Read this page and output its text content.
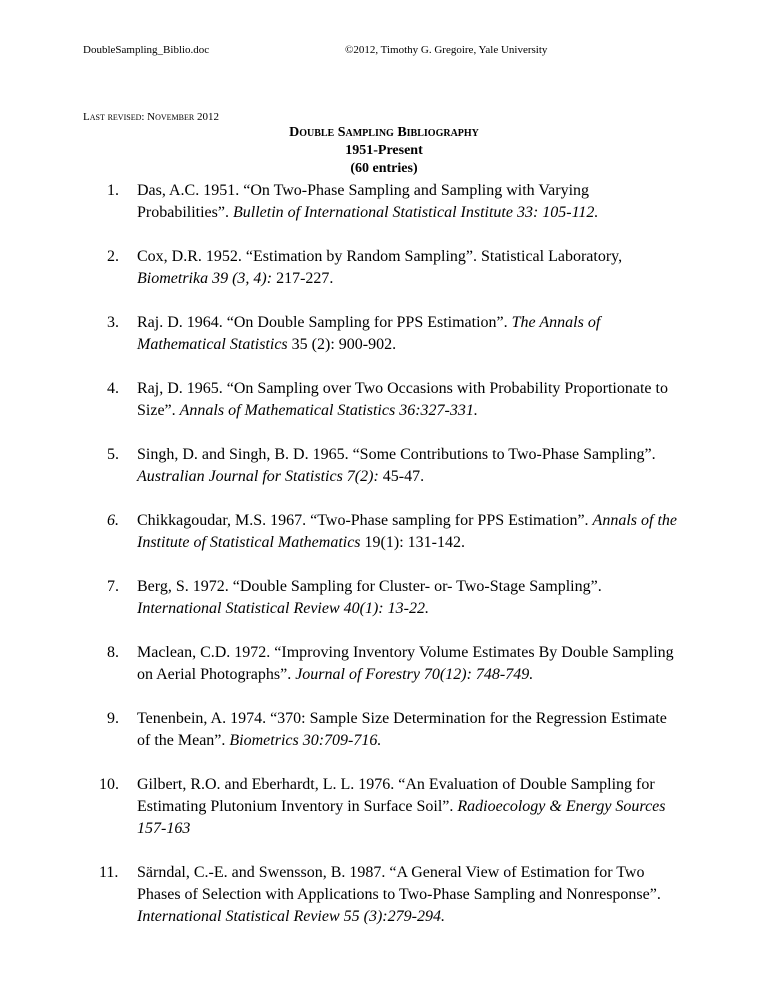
DoubleSampling_Biblio.doc	©2012, Timothy G. Gregoire, Yale University
Last revised: November 2012
Double Sampling Bibliography
1951-Present
(60 entries)
1. Das, A.C. 1951. “On Two-Phase Sampling and Sampling with Varying Probabilities”. Bulletin of International Statistical Institute 33: 105-112.
2. Cox, D.R. 1952. “Estimation by Random Sampling”. Statistical Laboratory, Biometrika 39 (3, 4): 217-227.
3. Raj. D. 1964. “On Double Sampling for PPS Estimation”. The Annals of Mathematical Statistics 35 (2): 900-902.
4. Raj, D. 1965. “On Sampling over Two Occasions with Probability Proportionate to Size”. Annals of Mathematical Statistics 36:327-331.
5. Singh, D. and Singh, B. D. 1965. “Some Contributions to Two-Phase Sampling”. Australian Journal for Statistics 7(2): 45-47.
6. Chikkagoudar, M.S. 1967. “Two-Phase sampling for PPS Estimation”. Annals of the Institute of Statistical Mathematics 19(1): 131-142.
7. Berg, S. 1972. “Double Sampling for Cluster- or- Two-Stage Sampling”. International Statistical Review 40(1): 13-22.
8. Maclean, C.D. 1972. “Improving Inventory Volume Estimates By Double Sampling on Aerial Photographs”. Journal of Forestry 70(12): 748-749.
9. Tenenbein, A. 1974. “370: Sample Size Determination for the Regression Estimate of the Mean”. Biometrics 30:709-716.
10. Gilbert, R.O. and Eberhardt, L. L. 1976. “An Evaluation of Double Sampling for Estimating Plutonium Inventory in Surface Soil”. Radioecology & Energy Sources 157-163
11. Särndal, C.-E. and Swensson, B. 1987. “A General View of Estimation for Two Phases of Selection with Applications to Two-Phase Sampling and Nonresponse”. International Statistical Review 55 (3):279-294.
